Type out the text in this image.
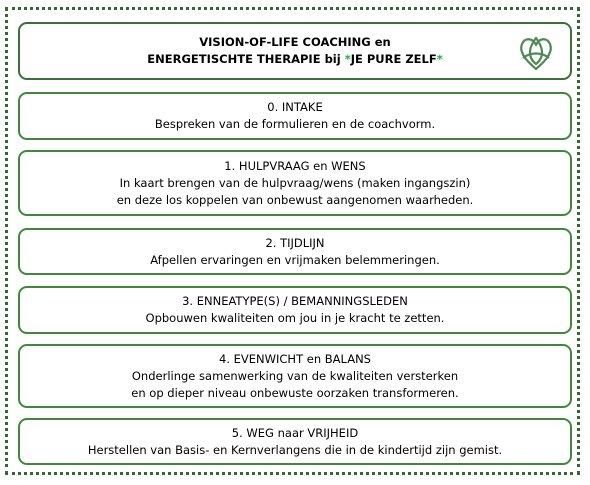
VISION-OF-LIFE COACHING en
ENERGETISCHTE THERAPIE bij *JE PURE ZELF*
0. INTAKE
Bespreken van de formulieren en de coachvorm.
1. HULPVRAAG en WENS
In kaart brengen van de hulpvraag/wens (maken ingangszin)
en deze los koppelen van onbewust aangenomen waarheden.
2. TIJDLIJN
Afpellen ervaringen en vrijmaken belemmeringen.
3. ENNEATYPE(S) / BEMANNINGSLEDEN
Opbouwen kwaliteiten om jou in je kracht te zetten.
4. EVENWICHT en BALANS
Onderlinge samenwerking van de kwaliteiten versterken
en op dieper niveau onbewuste oorzaken transformeren.
5. WEG naar VRIJHEID
Herstellen van Basis- en Kernverlangens die in de kindertijd zijn gemist.
